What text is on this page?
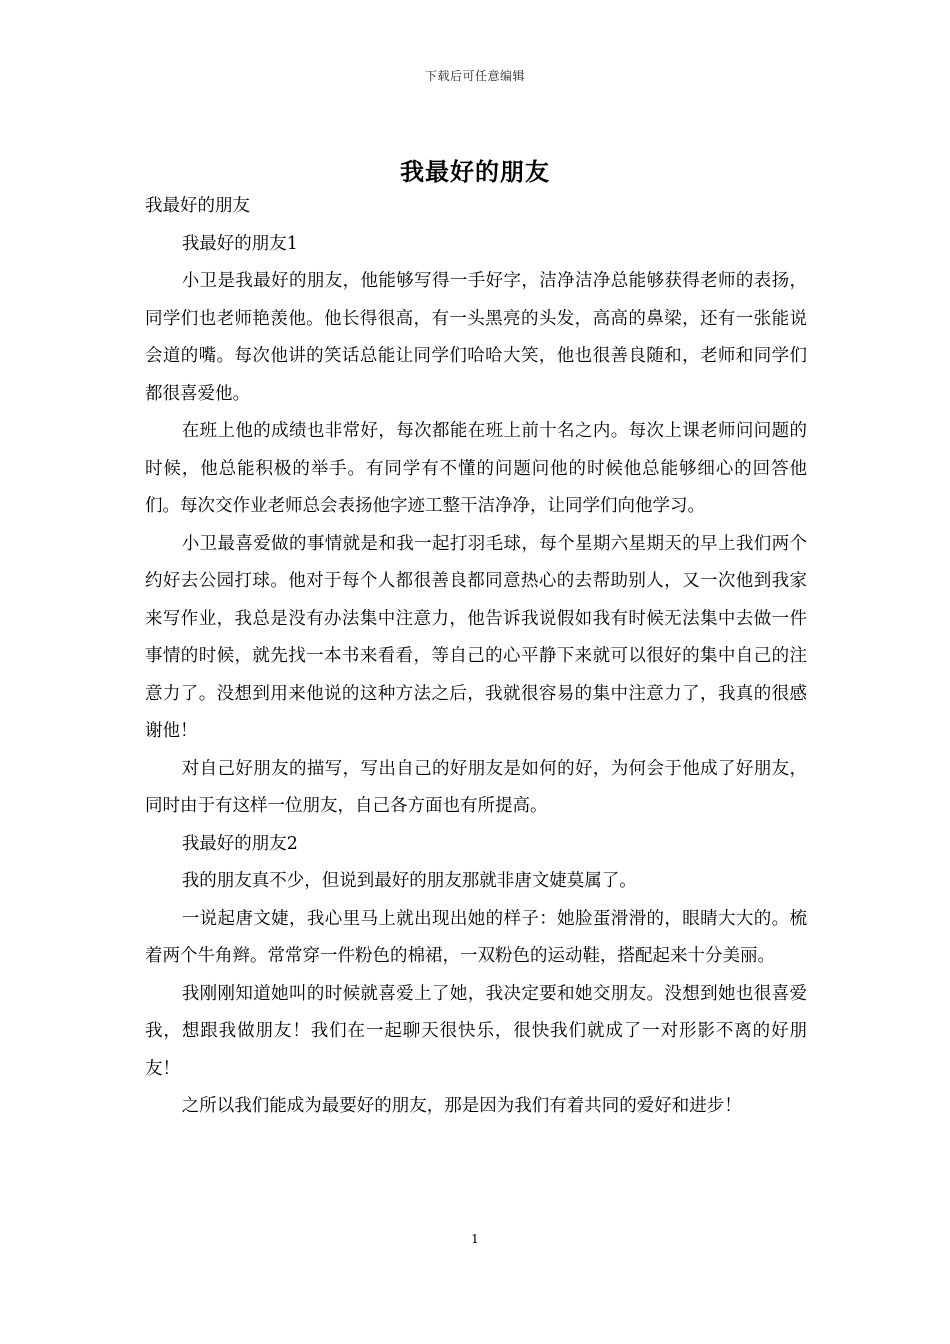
下载后可任意编辑
我最好的朋友

我最好的朋友

我最好的朋友1

小卫是我最好的朋友，他能够写得一手好字，洁净洁净总能够获得老师的表扬，同学们也老师艳羡他。他长得很高，有一头黑亮的头发，高高的鼻梁，还有一张能说会道的嘴。每次他讲的笑话总能让同学们哈哈大笑，他也很善良随和，老师和同学们都很喜爱他。

在班上他的成绩也非常好，每次都能在班上前十名之内。每次上课老师问问题的时候，他总能积极的举手。有同学有不懂的问题问他的时候他总能够细心的回答他们。每次交作业老师总会表扬他字迹工整干洁净净，让同学们向他学习。

小卫最喜爱做的事情就是和我一起打羽毛球，每个星期六星期天的早上我们两个约好去公园打球。他对于每个人都很善良都同意热心的去帮助别人，又一次他到我家来写作业，我总是没有办法集中注意力，他告诉我说假如我有时候无法集中去做一件事情的时候，就先找一本书来看看，等自己的心平静下来就可以很好的集中自己的注意力了。没想到用来他说的这种方法之后，我就很容易的集中注意力了，我真的很感谢他！

对自己好朋友的描写，写出自己的好朋友是如何的好，为何会于他成了好朋友，同时由于有这样一位朋友，自己各方面也有所提高。

我最好的朋友2

我的朋友真不少，但说到最好的朋友那就非唐文婕莫属了。

一说起唐文婕，我心里马上就出现出她的样子：她脸蛋滑滑的，眼睛大大的。梳着两个牛角辫。常常穿一件粉色的棉裙，一双粉色的运动鞋，搭配起来十分美丽。

我刚刚知道她叫的时候就喜爱上了她，我决定要和她交朋友。没想到她也很喜爱我，想跟我做朋友！我们在一起聊天很快乐，很快我们就成了一对形影不离的好朋友！

之所以我们能成为最要好的朋友，那是因为我们有着共同的爱好和进步！

1
